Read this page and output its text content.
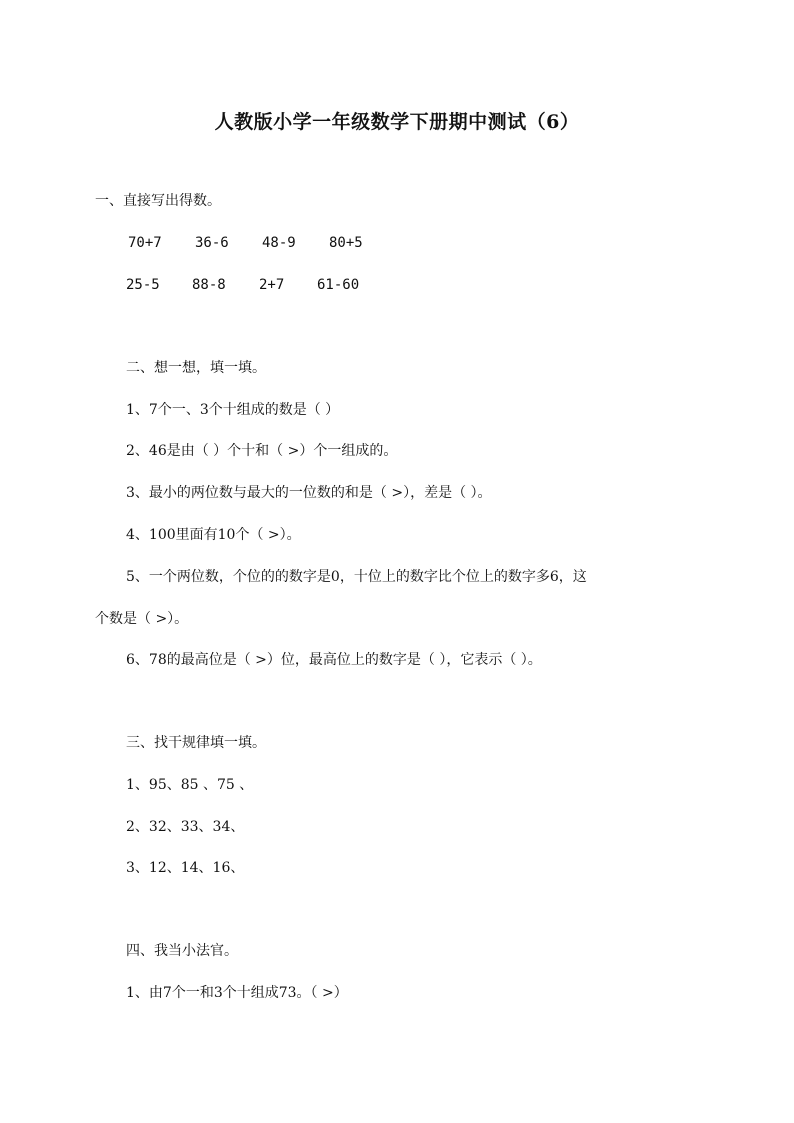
人教版小学一年级数学下册期中测试（6）
一、直接写出得数。
70+7 36-6 48-9 80+5
25-5 88-8 2+7 61-60
二、想一想，填一填。
1、7个一、3个十组成的数是（ ）
2、46是由（ ）个十和（ >）个一组成的。
3、最小的两位数与最大的一位数的和是（ >），差是（ ）。
4、100里面有10个（ >）。
5、一个两位数，个位的的数字是0，十位上的数字比个位上的数字多6，这
个数是（ >）。
6、78的最高位是（ >）位，最高位上的数字是（ ），它表示（ ）。
三、找干规律填一填。
1、95、85 、75 、
2、32、33、34、
3、12、14、16、
四、我当小法官。
1、由7个一和3个十组成73。（ >）
